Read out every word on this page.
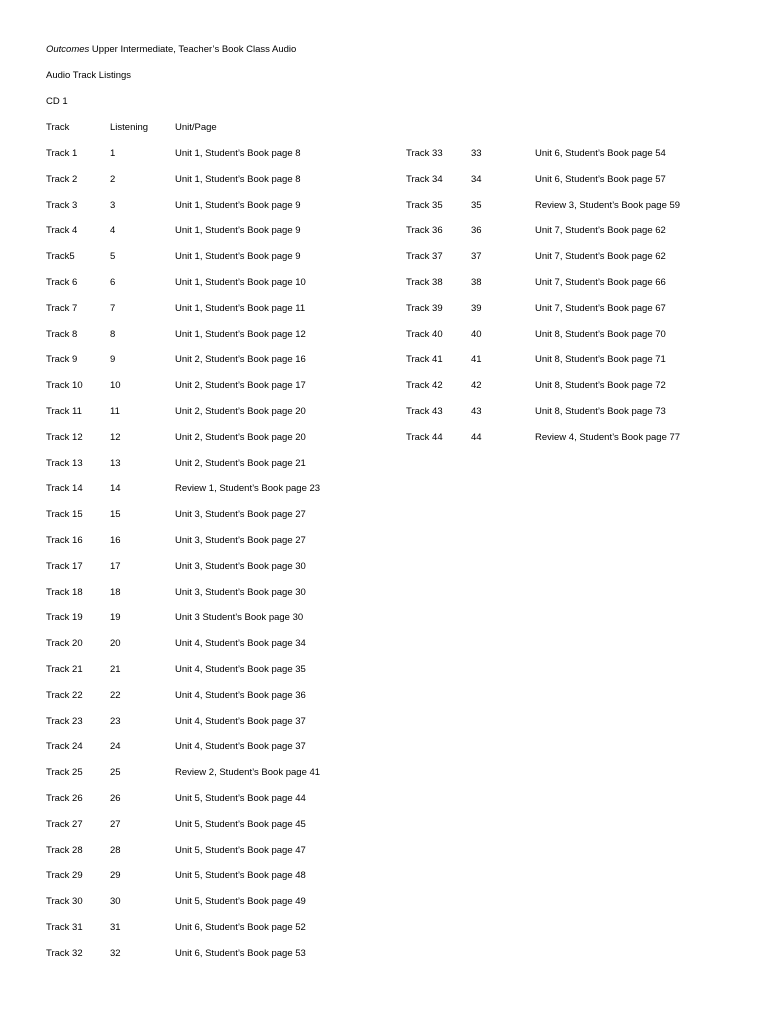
Outcomes Upper Intermediate, Teacher’s Book Class Audio
Audio Track Listings
CD 1
Track	Listening	Unit/Page
Track 1	1	Unit 1, Student’s Book page 8
Track 2	2	Unit 1, Student’s Book page 8
Track 3	3	Unit 1, Student’s Book page 9
Track 4	4	Unit 1, Student’s Book page 9
Track5	5	Unit 1, Student’s Book page 9
Track 6	6	Unit 1, Student’s Book page 10
Track 7	7	Unit 1, Student’s Book page 11
Track 8	8	Unit 1, Student’s Book page 12
Track 9	9	Unit 2, Student’s Book page 16
Track 10	10	Unit 2, Student’s Book page 17
Track 11	11	Unit 2, Student’s Book page 20
Track 12	12	Unit 2, Student’s Book page 20
Track 13	13	Unit 2, Student’s Book page 21
Track 14	14	Review 1, Student’s Book page 23
Track 15	15	Unit 3, Student’s Book page 27
Track 16	16	Unit 3, Student’s Book page 27
Track 17	17	Unit 3, Student’s Book page 30
Track 18	18	Unit 3, Student’s Book page 30
Track 19	19	Unit 3 Student’s Book page 30
Track 20	20	Unit 4, Student’s Book page 34
Track 21	21	Unit 4, Student’s Book page 35
Track 22	22	Unit 4, Student’s Book page 36
Track 23	23	Unit 4, Student’s Book page 37
Track 24	24	Unit 4, Student’s Book page 37
Track 25	25	Review 2, Student’s Book page 41
Track 26	26	Unit 5, Student’s Book page 44
Track 27	27	Unit 5, Student’s Book page 45
Track 28	28	Unit 5, Student’s Book page 47
Track 29	29	Unit 5, Student’s Book page 48
Track 30	30	Unit 5, Student’s Book page 49
Track 31	31	Unit 6, Student’s Book page 52
Track 32	32	Unit 6, Student’s Book page 53
Track 33	33	Unit 6, Student’s Book page 54
Track 34	34	Unit 6, Student’s Book page 57
Track 35	35	Review 3, Student’s Book page 59
Track 36	36	Unit 7, Student’s Book page 62
Track 37	37	Unit 7, Student’s Book page 62
Track 38	38	Unit 7, Student’s Book page 66
Track 39	39	Unit 7, Student’s Book page 67
Track 40	40	Unit 8, Student’s Book page 70
Track 41	41	Unit 8, Student’s Book page 71
Track 42	42	Unit 8, Student’s Book page 72
Track 43	43	Unit 8, Student’s Book page 73
Track 44	44	Review 4, Student’s Book page 77
